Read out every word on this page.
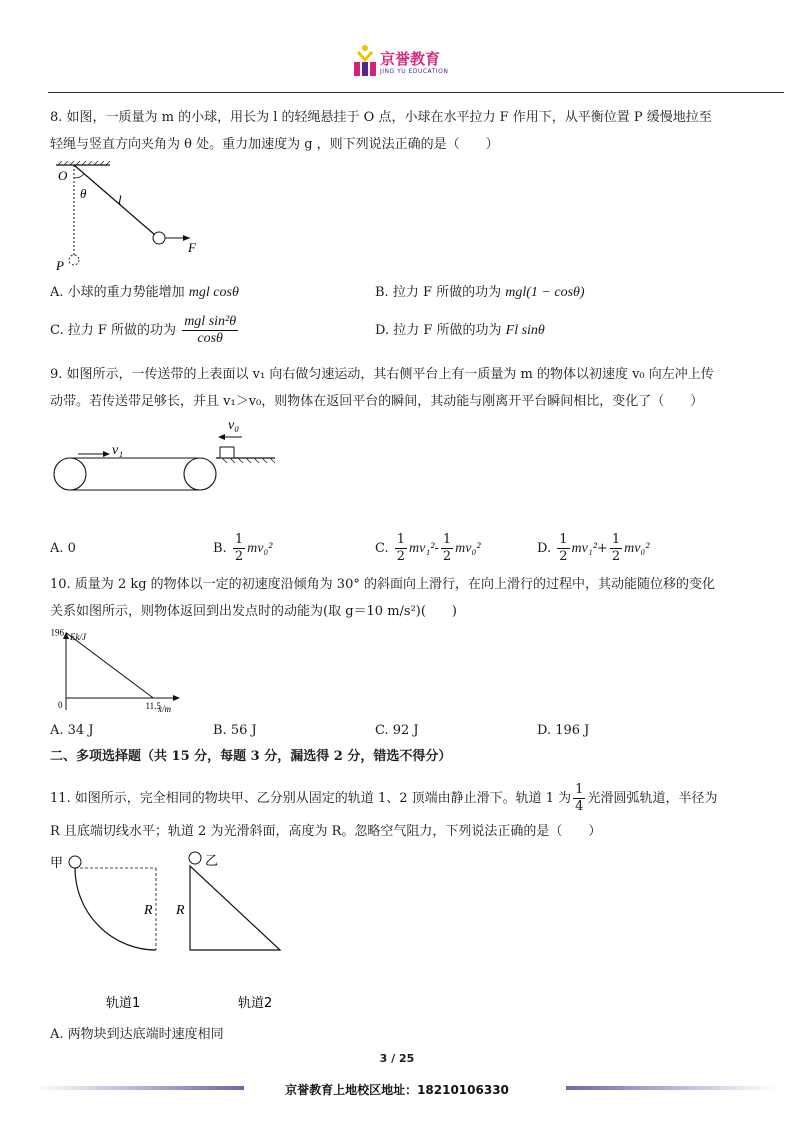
京誉教育
JING YU EDUCATION
8. 如图，一质量为 m 的小球，用长为 l 的轻绳悬挂于 O 点，小球在水平拉力 F 作用下，从平衡位置 P 缓慢地拉至
轻绳与竖直方向夹角为 θ 处。重力加速度为 g ，则下列说法正确的是（　　）
O
θ l
F
P
A. 小球的重力势能增加 mgl cosθ	B. 拉力 F 所做的功为 mgl(1 − cosθ)
C. 拉力 F 所做的功为 $\frac{\text{mgl sin²θ}}{\cos\theta}$	D. 拉力 F 所做的功为 Fl sinθ
9. 如图所示，一传送带的上表面以 v₁ 向右做匀速运动，其右侧平台上有一质量为 m 的物体以初速度 v₀ 向左冲上传
动带。若传送带足够长，并且 v₁＞v₀，则物体在返回平台的瞬间，其动能与刚离开平台瞬间相比，变化了（　　）
v₁
v₀
A. 0	B. $\frac{1}{2} mv_0^2$	C. $\frac{1}{2} mv_1^2- \frac{1}{2} mv_0^2$	D. $\frac{1}{2} mv_1^2+ \frac{1}{2} mv_0^2$
10. 质量为 2 kg 的物体以一定的初速度沿倾角为 30° 的斜面向上滑行，在向上滑行的过程中，其动能随位移的变化
关系如图所示，则物体返回到出发点时的动能为(取 g＝10 m/s²)(　　)
Ek/J
x/m
0
196
11.5
A. 34 J	B. 56 J	C. 92 J	D. 196 J
二、多项选择题（共 15 分，每题 3 分，漏选得 2 分，错选不得分）
11. 如图所示，完全相同的物块甲、乙分别从固定的轨道 1、2 顶端由静止滑下。轨道 1 为 $\frac{1}{4}$ 光滑圆弧轨道，半径为
R 且底端切线水平；轨道 2 为光滑斜面，高度为 R。忽略空气阻力，下列说法正确的是（　　）
甲
R
乙
R
轨道1	轨道2
A. 两物块到达底端时速度相同
3 / 25
京誉教育上地校区地址：18210106330
